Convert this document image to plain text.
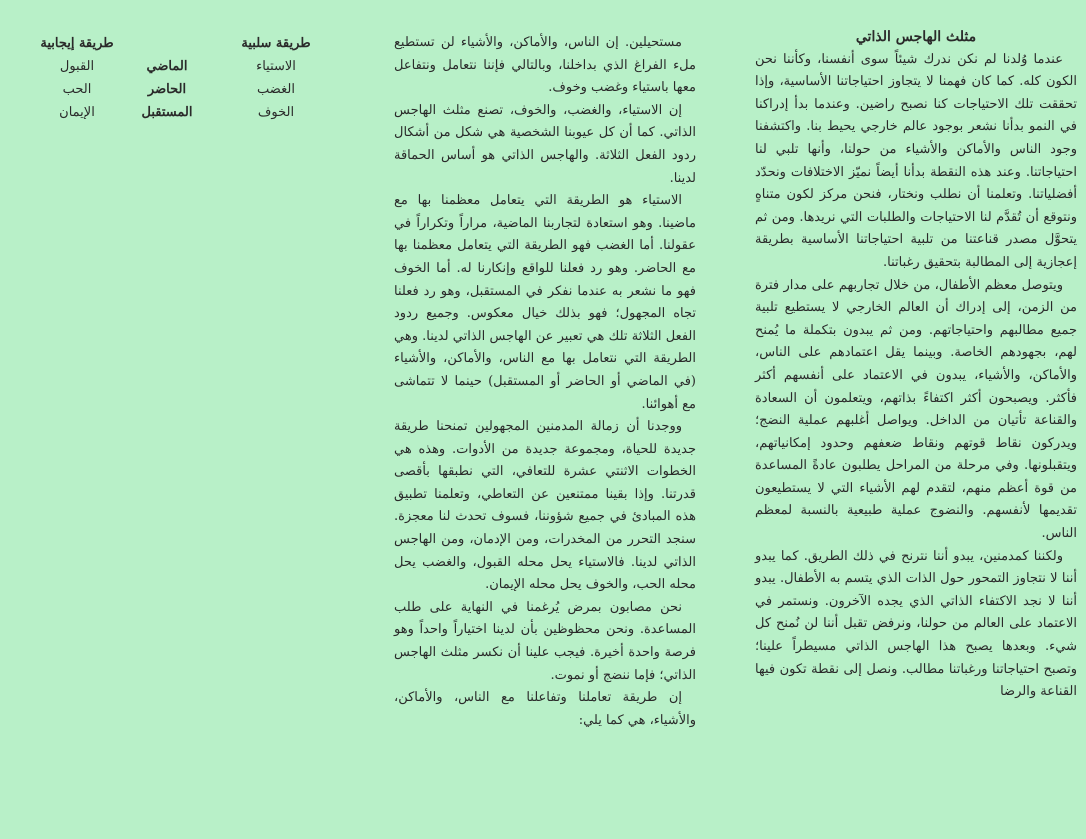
مثلث الهاجس الذاتي

عندما وُلدنا لم نكن ندرك شيئاً سوى أنفسنا، وكأننا نحن الكون كله. كما كان فهمنا لا يتجاوز احتياجاتنا الأساسية، وإذا تحققت تلك الاحتياجات كنا نصبح راضين. وعندما بدأ إدراكنا في النمو بدأنا نشعر بوجود عالم خارجي يحيط بنا. واكتشفنا وجود الناس والأماكن والأشياء من حولنا، وأنها تلبي لنا احتياجاتنا. وعند هذه النقطة بدأنا أيضاً نميّز الاختلافات ونحدّد أفضلياتنا. وتعلمنا أن نطلب ونختار، فنحن مركز لكون متناهٍ ونتوقع أن تُقدَّم لنا الاحتياجات والطلبات التي نريدها. ومن ثم يتحوَّل مصدر قناعتنا من تلبية احتياجاتنا الأساسية بطريقة إعجازية إلى المطالبة بتحقيق رغباتنا.

ويتوصل معظم الأطفال، من خلال تجاربهم على مدار فترة من الزمن، إلى إدراك أن العالم الخارجي لا يستطيع تلبية جميع مطالبهم واحتياجاتهم. ومن ثم يبدون بتكملة ما يُمنح لهم، بجهودهم الخاصة. وبينما يقل اعتمادهم على الناس، والأماكن، والأشياء، يبدون في الاعتماد على أنفسهم أكثر فأكثر. ويصبحون أكثر اكتفاءً بذاتهم، ويتعلمون أن السعادة والقناعة تأتيان من الداخل. ويواصل أغلبهم عملية النضج؛ ويدركون نقاط قوتهم ونقاط ضعفهم وحدود إمكانياتهم، ويتقبلونها. وفي مرحلة من المراحل يطلبون عادةً المساعدة من قوة أعظم منهم، لتقدم لهم الأشياء التي لا يستطيعون تقديمها لأنفسهم. والنضوج عملية طبيعية بالنسبة لمعظم الناس.

ولكننا كمدمنين، يبدو أننا نترنح في ذلك الطريق. كما يبدو أننا لا نتجاوز التمحور حول الذات الذي يتسم به الأطفال. يبدو أننا لا نجد الاكتفاء الذاتي الذي يجده الآخرون. ونستمر في الاعتماد على العالم من حولنا، ونرفض تقبل أننا لن نُمنح كل شيء. وبعدها يصبح هذا الهاجس الذاتي مسيطراً علينا؛ وتصبح احتياجاتنا ورغباتنا مطالب. ونصل إلى نقطة تكون فيها القناعة والرضا

مستحيلين. إن الناس، والأماكن، والأشياء لن تستطيع ملء الفراغ الذي بداخلنا، وبالتالي فإننا نتعامل ونتفاعل معها باستياء وغضب وخوف.

إن الاستياء، والغضب، والخوف، تصنع مثلث الهاجس الذاتي. كما أن كل عيوبنا الشخصية هي شكل من أشكال ردود الفعل الثلاثة. والهاجس الذاتي هو أساس الحماقة لدينا.

الاستياء هو الطريقة التي يتعامل معظمنا بها مع ماضينا. وهو استعادة لتجاربنا الماضية، مراراً وتكراراً في عقولنا. أما الغضب فهو الطريقة التي يتعامل معظمنا بها مع الحاضر. وهو رد فعلنا للواقع وإنكارنا له. أما الخوف فهو ما نشعر به عندما نفكر في المستقبل، وهو رد فعلنا تجاه المجهول؛ فهو بذلك خيال معكوس. وجميع ردود الفعل الثلاثة تلك هي تعبير عن الهاجس الذاتي لدينا. وهي الطريقة التي نتعامل بها مع الناس، والأماكن، والأشياء (في الماضي أو الحاضر أو المستقبل) حينما لا تتماشى مع أهوائنا.

ووجدنا أن زمالة المدمنين المجهولين تمنحنا طريقة جديدة للحياة، ومجموعة جديدة من الأدوات. وهذه هي الخطوات الاثنتي عشرة للتعافي، التي نطبقها بأقصى قدرتنا. وإذا بقينا ممتنعين عن التعاطي، وتعلمنا تطبيق هذه المبادئ في جميع شؤوننا، فسوف تحدث لنا معجزة. سنجد التحرر من المخدرات، ومن الإدمان، ومن الهاجس الذاتي لدينا. فالاستياء يحل محله القبول، والغضب يحل محله الحب، والخوف يحل محله الإيمان.

نحن مصابون بمرض يُرغمنا في النهاية على طلب المساعدة. ونحن محظوظين بأن لدينا اختياراً واحداً وهو فرصة واحدة أخيرة. فيجب علينا أن نكسر مثلث الهاجس الذاتي؛ فإما ننضج أو نموت.

إن طريقة تعاملنا وتفاعلنا مع الناس، والأماكن، والأشياء، هي كما يلي:

طريقة سلبية
طريقة إيجابية
الاستياء
الماضي
القبول
الغضب
الحاضر
الحب
الخوف
المستقبل
الإيمان
